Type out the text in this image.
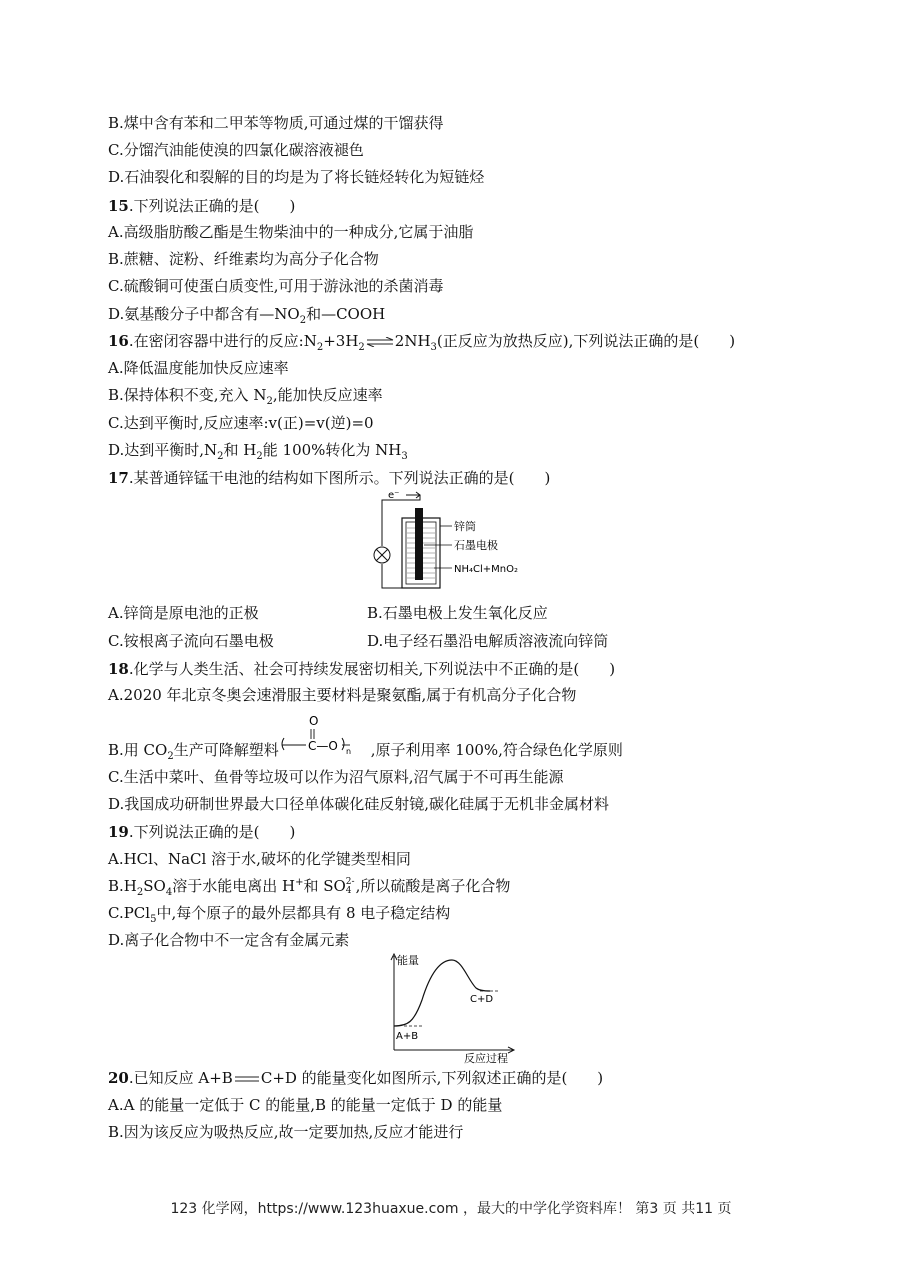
B.煤中含有苯和二甲苯等物质,可通过煤的干馏获得
C.分馏汽油能使溴的四氯化碳溶液褪色
D.石油裂化和裂解的目的均是为了将长链烃转化为短链烃
15.下列说法正确的是(　　)
A.高级脂肪酸乙酯是生物柴油中的一种成分,它属于油脂
B.蔗糖、淀粉、纤维素均为高分子化合物
C.硫酸铜可使蛋白质变性,可用于游泳池的杀菌消毒
D.氨基酸分子中都含有$—NO_2$和—COOH
16.在密闭容器中进行的反应$:N_2+3H_2$ $2NH_3$(正反应为放热反应),下列说法正确的是(　　)
A.降低温度能加快反应速率
B.保持体积不变,充入 $N_2$,能加快反应速率
C.达到平衡时,反应速率:v(正)=v(逆)=0
D.达到平衡时$,N_2$和 $H_2$能 100%转化为 $NH_3$
17.某普通锌锰干电池的结构如下图所示。下列说法正确的是(　　)
e⁻
锌筒
石墨电极
NH₄Cl+MnO₂
A.锌筒是原电池的正极	B.石墨电极上发生氧化反应
C.铵根离子流向石墨电极	D.电子经石墨沿电解质溶液流向锌筒
18.化学与人类生活、社会可持续发展密切相关,下列说法中不正确的是(　　)
A.2020 年北京冬奥会速滑服主要材料是聚氨酯,属于有机高分子化合物
B.用 $CO_2$生产可降解塑料	,原子利用率 100%,符合绿色化学原则
O
C—O n
C.生活中菜叶、鱼骨等垃圾可以作为沼气原料,沼气属于不可再生能源
D.我国成功研制世界最大口径单体碳化硅反射镜,碳化硅属于无机非金属材料
19.下列说法正确的是(　　)
A.HCl、NaCl 溶于水,破坏的化学键类型相同
$B.H_2SO_4$溶于水能电离出 H+和 SO 2-
4 ,所以硫酸是离子化合物
C.PCl$_5$中,每个原子的最外层都具有 8 电子稳定结构
D.离子化合物中不一定含有金属元素
能量
反应过程
A+B
C+D
20.已知反应 A+B C+D 的能量变化如图所示,下列叙述正确的是(　　)
A.A 的能量一定低于 C 的能量,B 的能量一定低于 D 的能量
B.因为该反应为吸热反应,故一定要加热,反应才能进行
123 化学网，https://www.123huaxue.com ，最大的中学化学资料库！ 第3 页 共11 页
